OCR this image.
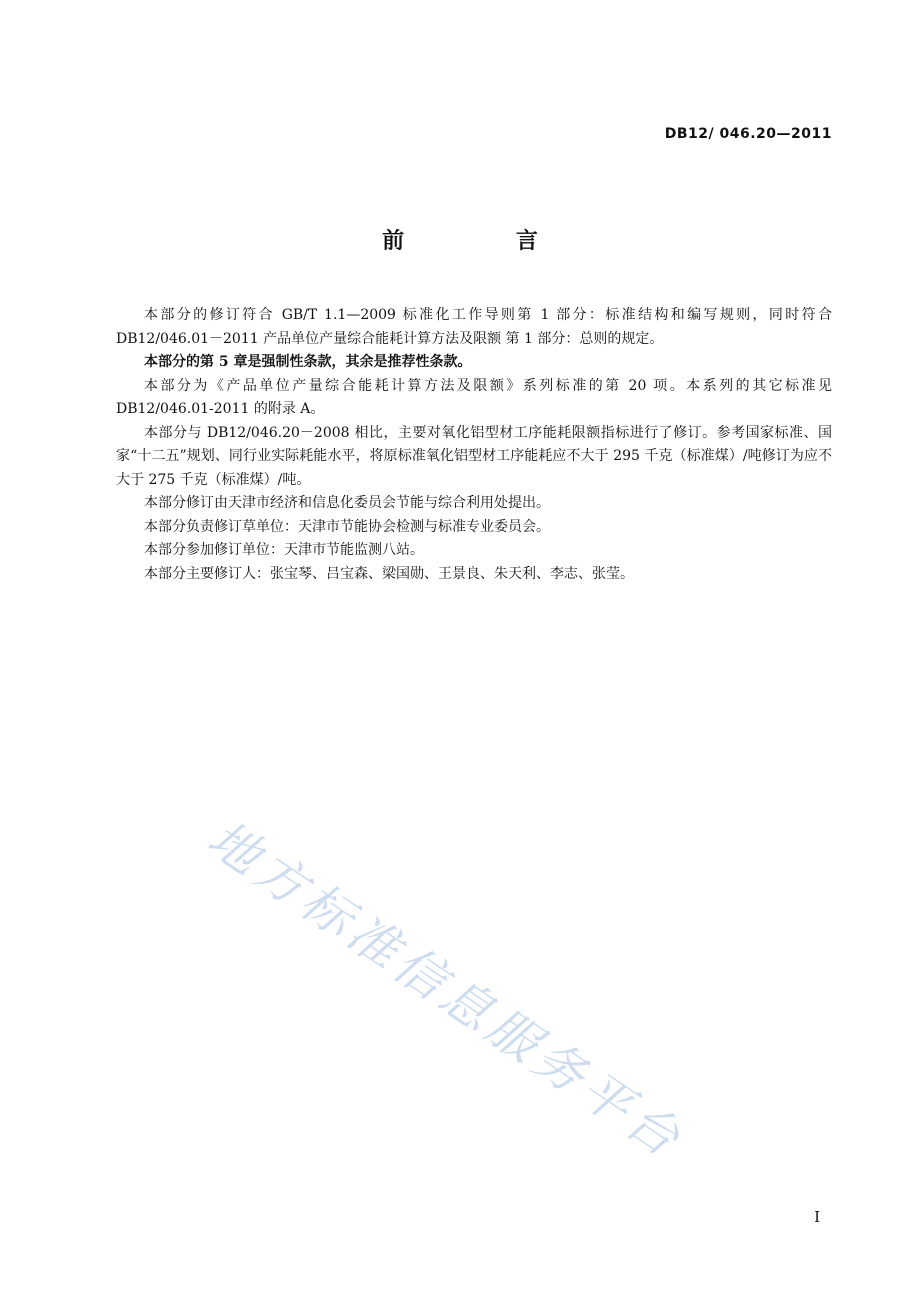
DB12/ 046.20—2011
前 言

本部分的修订符合 GB/T 1.1—2009 标准化工作导则第 1 部分：标准结构和编写规则，同时符合 DB12/046.01－2011 产品单位产量综合能耗计算方法及限额 第 1 部分：总则的规定。

本部分的第 5 章是强制性条款，其余是推荐性条款。

本部分为《产品单位产量综合能耗计算方法及限额》系列标准的第 20 项。本系列的其它标准见 DB12/046.01-2011 的附录 A。

本部分与 DB12/046.20－2008 相比，主要对氧化铝型材工序能耗限额指标进行了修订。参考国家标准、国家“十二五”规划、同行业实际耗能水平，将原标准氧化铝型材工序能耗应不大于 295 千克（标准煤）/吨修订为应不大于 275 千克（标准煤）/吨。

本部分修订由天津市经济和信息化委员会节能与综合利用处提出。

本部分负责修订草单位：天津市节能协会检测与标准专业委员会。

本部分参加修订单位：天津市节能监测八站。

本部分主要修订人：张宝琴、吕宝森、梁国勋、王景良、朱天利、李志、张莹。

地方标准信息服务平台
I
